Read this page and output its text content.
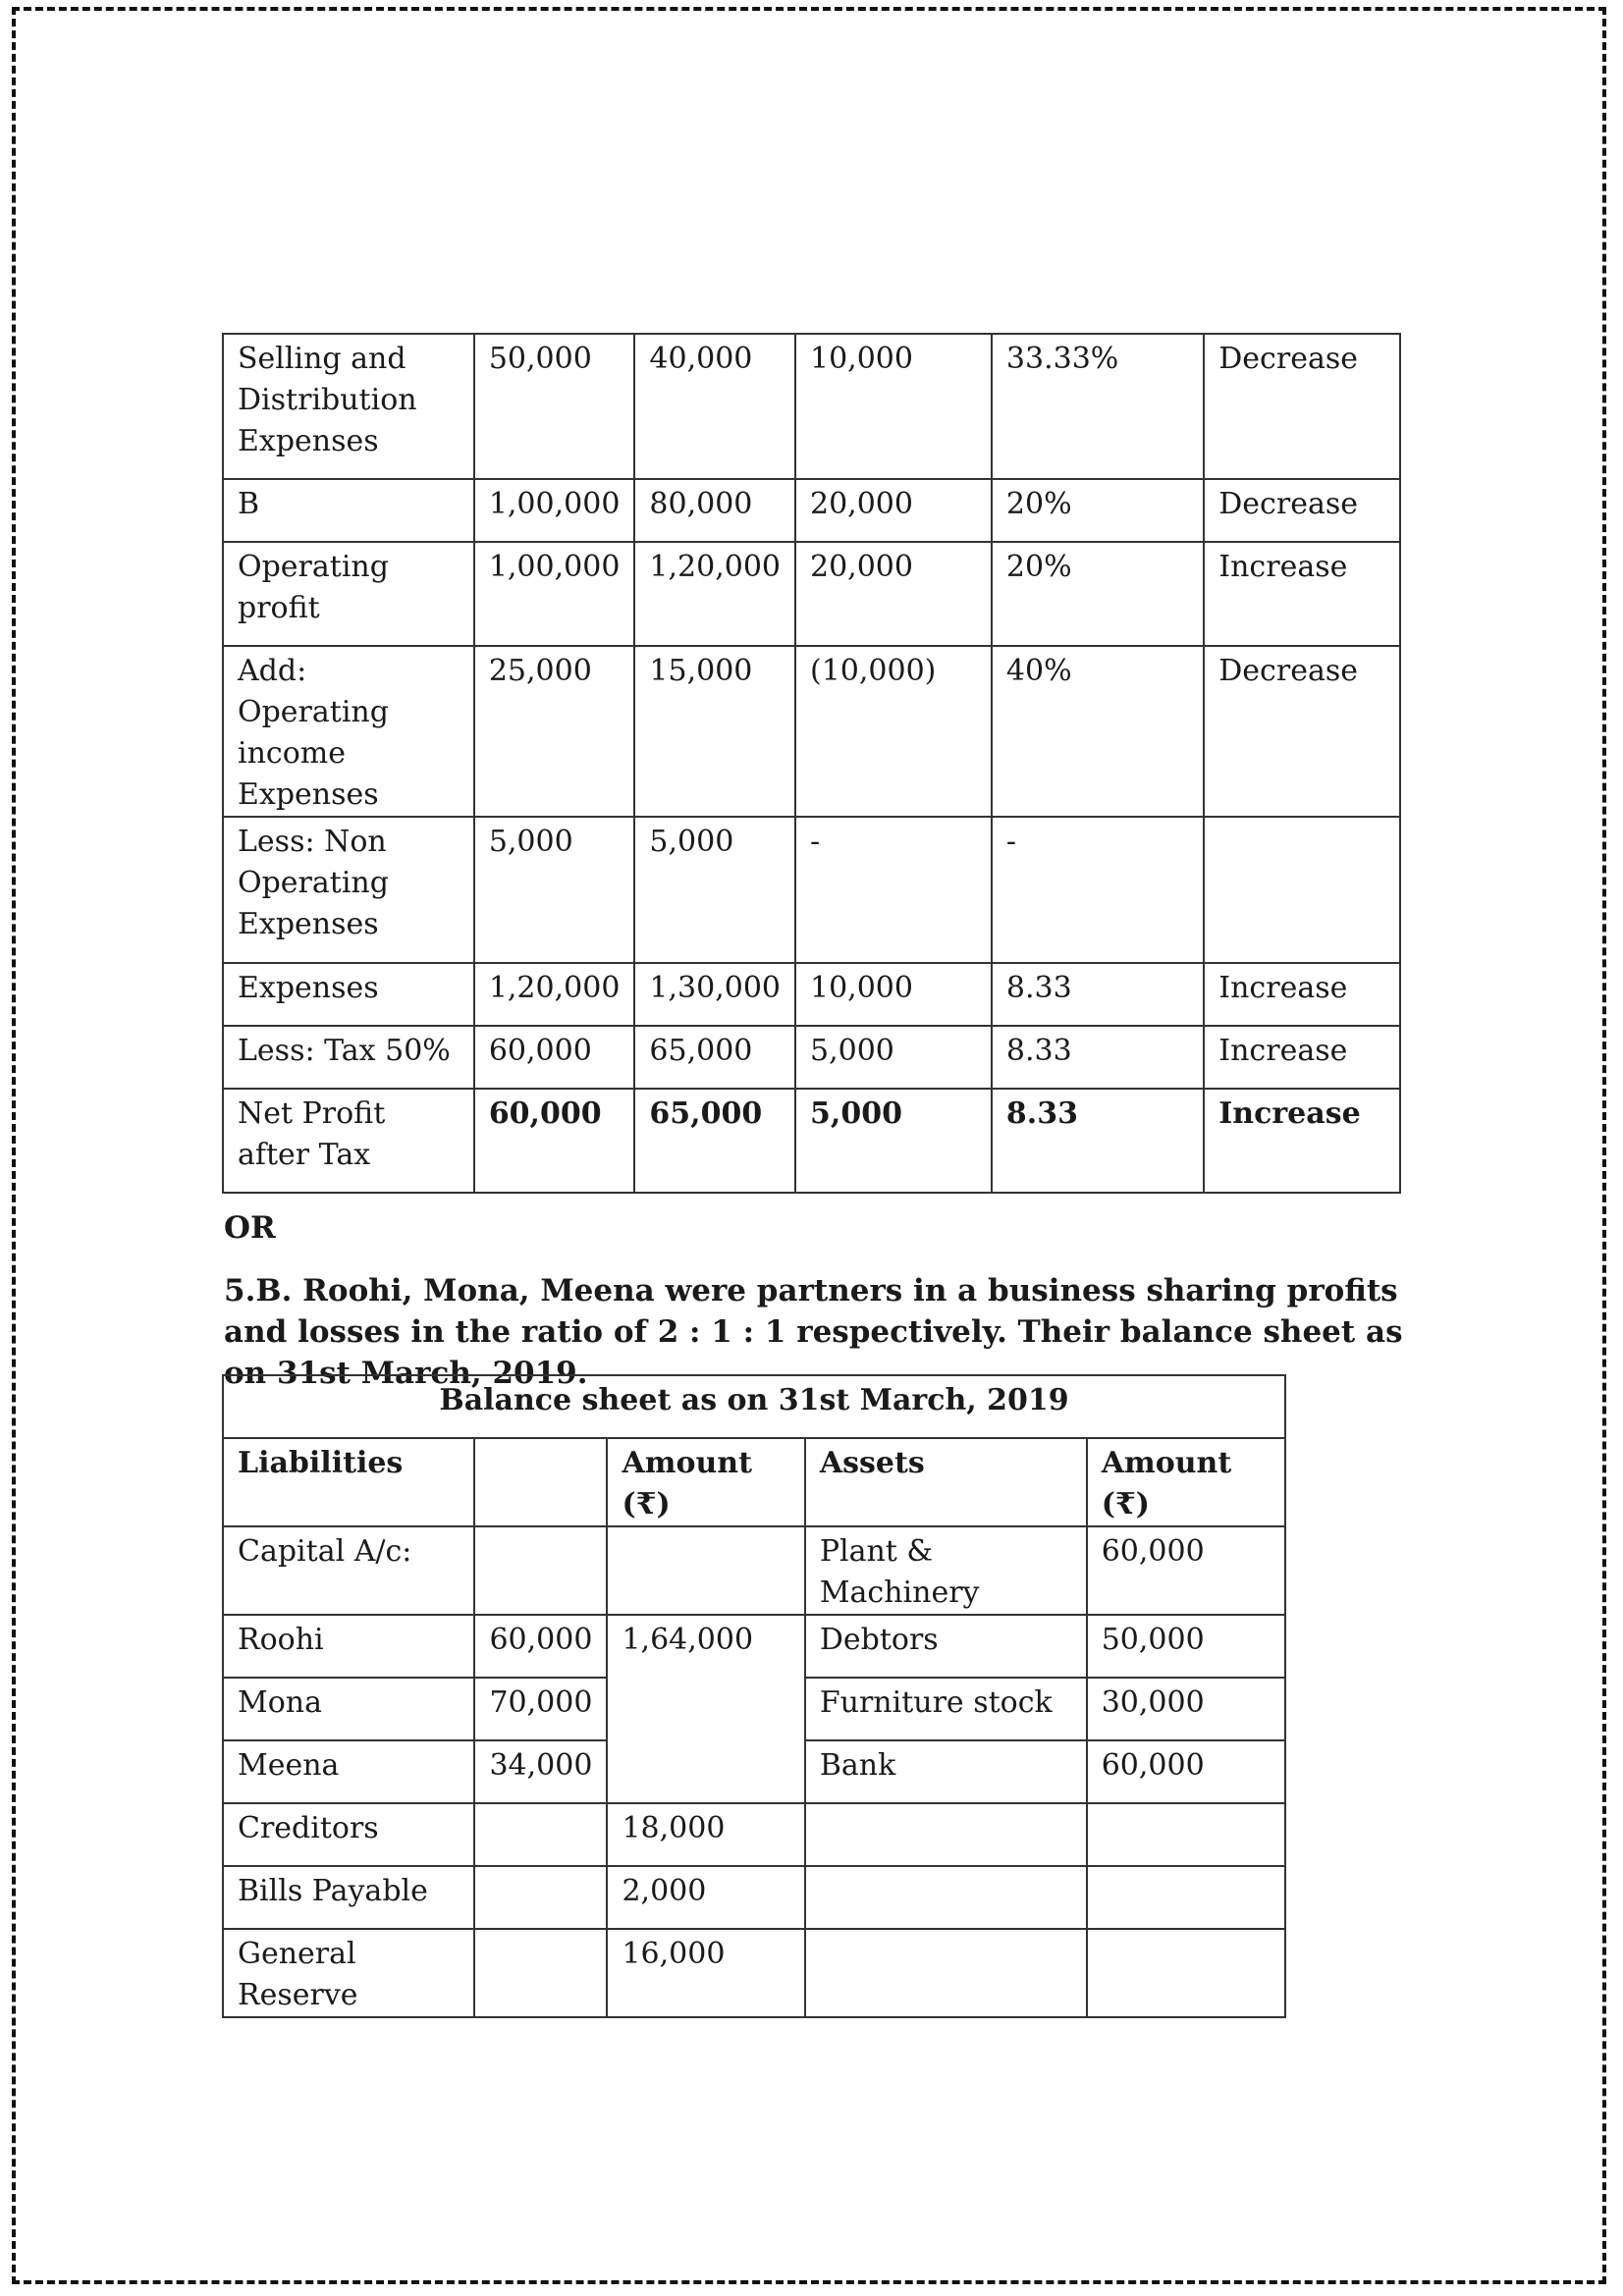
Selling and Distribution Expenses	50,000	40,000	10,000	33.33%	Decrease
B	1,00,000	80,000	20,000	20%	Decrease
Operating profit	1,00,000	1,20,000	20,000	20%	Increase
Add: Operating income Expenses	25,000	15,000	(10,000)	40%	Decrease
Less: Non Operating Expenses	5,000	5,000	-	-	
Expenses	1,20,000	1,30,000	10,000	8.33	Increase
Less: Tax 50%	60,000	65,000	5,000	8.33	Increase
Net Profit after Tax	60,000	65,000	5,000	8.33	Increase
OR
5.B. Roohi, Mona, Meena were partners in a business sharing profits and losses in the ratio of 2 : 1 : 1 respectively. Their balance sheet as on 31st March, 2019.
Balance sheet as on 31st March, 2019				
Liabilities		Amount (₹)	Assets	Amount (₹)
Capital A/c:			Plant & Machinery	60,000
Roohi	60,000	1,64,000	Debtors	50,000
Mona	70,000		Furniture stock	30,000
Meena	34,000		Bank	60,000
Creditors		18,000		
Bills Payable		2,000		
General Reserve		16,000		
